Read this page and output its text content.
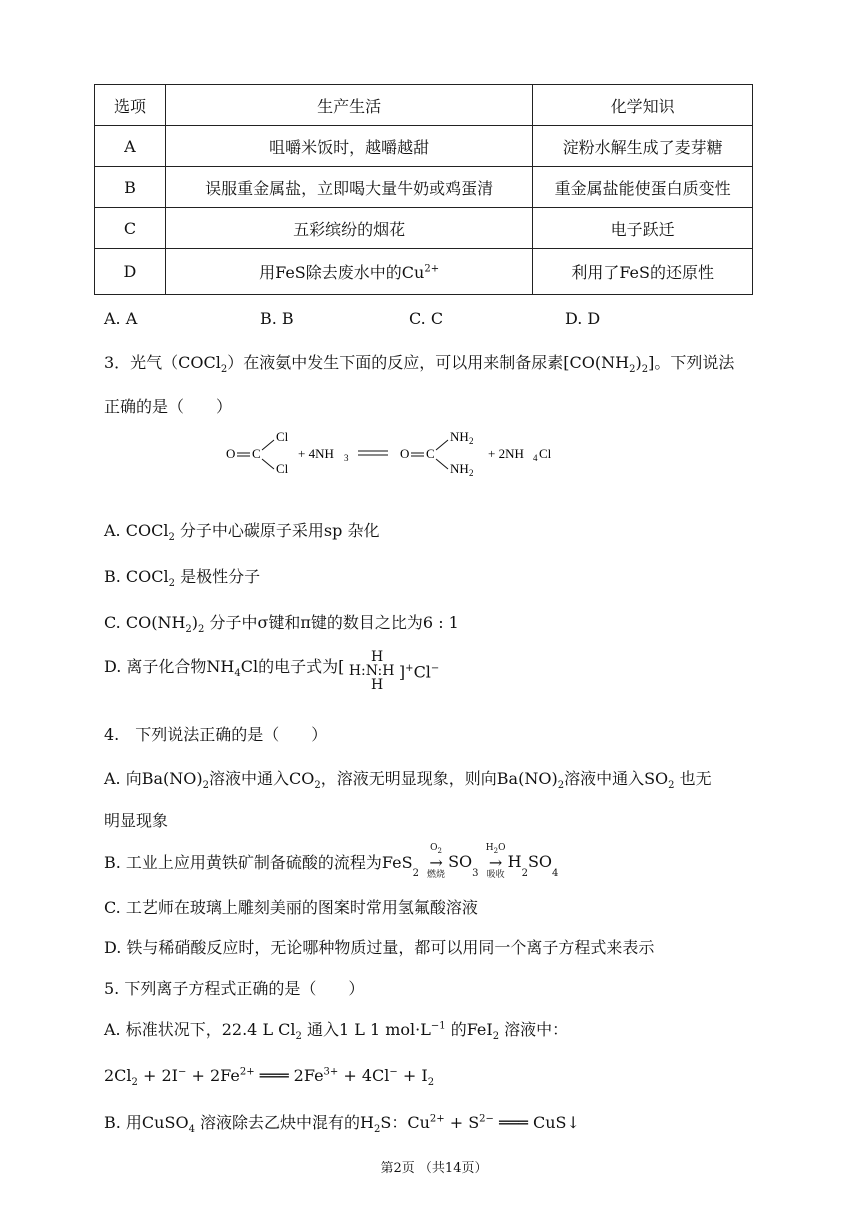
选项	生产生活	化学知识
A	咀嚼米饭时，越嚼越甜	淀粉水解生成了麦芽糖
B	误服重金属盐，立即喝大量牛奶或鸡蛋清	重金属盐能使蛋白质变性
C	五彩缤纷的烟花	电子跃迁
D	用FeS除去废水中的$Cu^{2+}$	利用了FeS的还原性
A. A	B. B	C. C	D. D
3．光气（COCl$_2$）在液氨中发生下面的反应，可以用来制备尿素$[CO(NH_2)_2]$。下列说法
正确的是（　　）
O C
Cl
Cl
+ 4NH 3	O C
NH 2
NH 2
+ 2NH 4 Cl
A. COCl$_2$ 分子中心碳原子采用sp 杂化
B. COCl$_2$ 是极性分子
C. $CO(NH_2)_2$ 分子中σ键和π键的数目之比为6 : 1
D. 离子化合物$NH_4Cl$的电子式为[
H
H:N:H
H
]+Cl−
4.　下列说法正确的是（　　）
A. 向$Ba(NO)_2$溶液中通入$CO_2$，溶液无明显现象，则向$Ba(NO)_2$溶液中通入$SO_2$ 也无
明显现象
B. 工业上应用黄铁矿制备硫酸的流程为FeS$_2$
$O_2$
→
燃烧
$SO_3$
$H_2O$
→
吸收
$H_2SO_4$
C. 工艺师在玻璃上雕刻美丽的图案时常用氢氟酸溶液
D. 铁与稀硝酸反应时，无论哪种物质过量，都可以用同一个离子方程式来表示
5. 下列离子方程式正确的是（　　）
A. 标准状况下，22.4 L $Cl_2$ 通入1 L 1 $mol\cdot L^{-1}$ 的FeI$_2$ 溶液中：
$2Cl_2 + 2I^- + 2Fe^{2+}$ ═══ $2Fe^{3+} + 4Cl^- + I_2$
B. 用CuSO$_4$ 溶液除去乙炔中混有的$H_2S$：$Cu^{2+} + S^{2-}$ ═══ CuS↓
第2页 （共14页）
